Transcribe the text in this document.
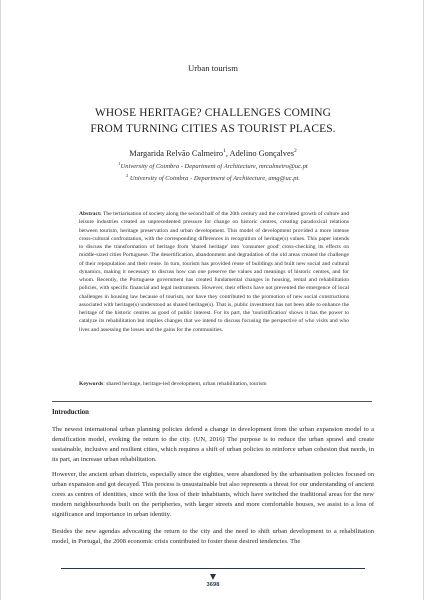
Urban tourism
WHOSE HERITAGE? CHALLENGES COMING
FROM TURNING CITIES AS TOURIST PLACES.
Margarida Relvão Calmeiro$^1$, Adelino Gonçalves$^2$
$^1$University of Coimbra - Department of Architecture, mrcalmeiro@uc.pt
$^2$ University of Coimbra - Department of Architecture, amg@uc.pt.
Abstract: The tertiarisation of society along the second half of the 20th century and the correlated growth of culture and leisure industries created an unprecedented pressure for change on historic centres, creating paradoxical relations between tourism, heritage preservation and urban development. This model of development provided a more intense cross-cultural confrontation, with the corresponding differences in recognition of heritage(s) values. This paper intends to discuss the transformation of heritage from 'shared heritage' into 'consumer good' cross-checking its effects on middle-sized cities Portuguese. The desertification, abandonment and degradation of the old areas created the challenge of their repopulation and their reuse. In turn, tourism has provided reuse of buildings and built new social and cultural dynamics, making it necessary to discuss how can one preserve the values and meanings of historic centres, and for whom. Recently, the Portuguese government has created fundamental changes in housing, rental and rehabilitation policies, with specific financial and legal instruments. However, their effects have not prevented the emergence of local challenges in housing law because of tourism, nor have they contributed to the promotion of new social constructions associated with heritage(s) understood as shared heritage(s). That is, public investment has not been able to enhance the heritage of the historic centres as good of public interest. For its part, the 'touristification' shows it has the power to catalyze its rehabilitation but implies changes that we intend to discuss focusing the perspective of who visits and who lives and assessing the losses and the gains for the communities.
Keywords: shared heritage, heritage-led development, urban rehabilitation, tourism
Introduction
The newest international urban planning policies defend a change in development from the urban expansion model to a densification model, evoking the return to the city. (UN, 2016) The purpose is to reduce the urban sprawl and create sustainable, inclusive and resilient cities, which requires a shift of urban policies to reinforce urban cohesion that needs, in its part, an increase urban rehabilitation.
However, the ancient urban districts, especially since the eighties, were abandoned by the urbanisation policies focused on urban expansion and got decayed. This process is unsustainable but also represents a threat for our understanding of ancient cores as centres of identities, since with the loss of their inhabitants, which have switched the traditional areas for the new modern neighbourhoods built on the peripheries, with larger streets and more comfortable houses, we assist to a loss of significance and importance in urban identity.
Besides the new agendas advocating the return to the city and the need to shift urban development to a rehabilitation model, in Portugal, the 2008 economic crisis contributed to foster these desired tendencies. The
3698
